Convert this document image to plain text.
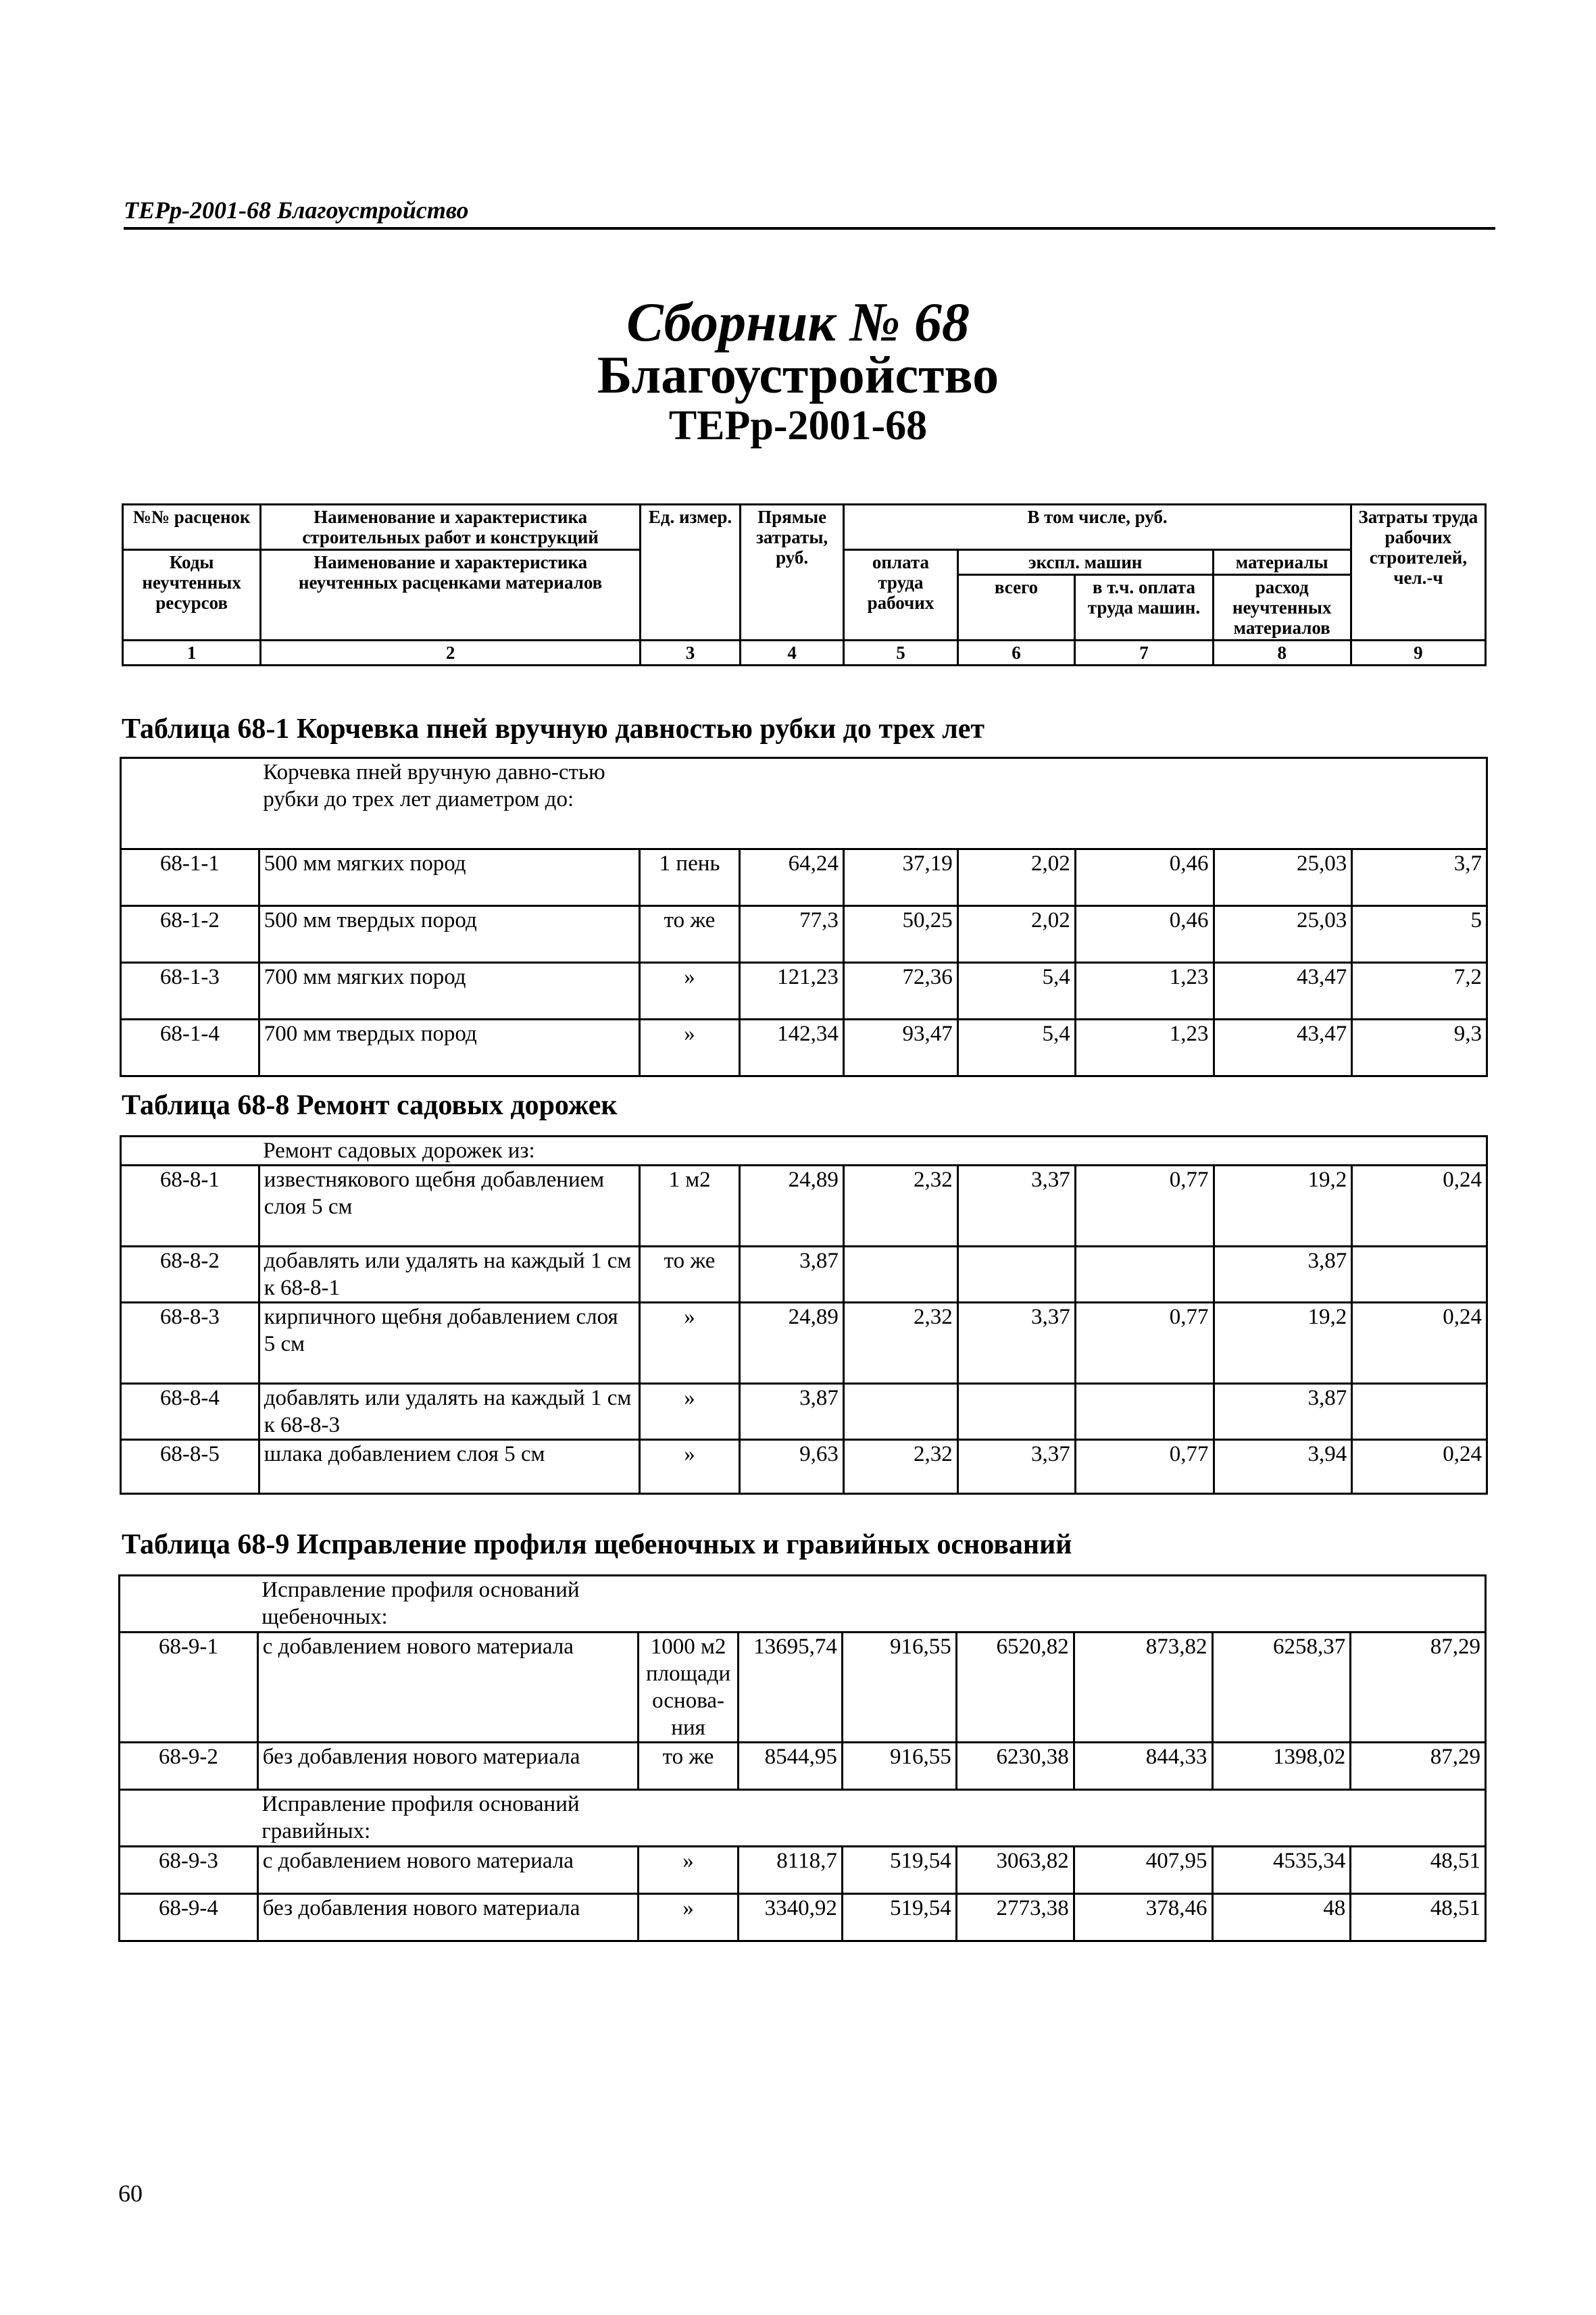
ТЕРр-2001-68 Благоустройство
Сборник № 68
Благоустройство
ТЕРр-2001-68
№№ расценок	Наименование и характеристика строительных работ и конструкций	Ед. измер.	Прямые затраты, руб.	В том числе, руб.				Затраты труда рабочих строителей, чел.-ч
Коды неучтенных ресурсов	Наименование и характеристика неучтенных расценками материалов			оплата труда рабочих	экспл. машин		материалы	
					всего	в т.ч. оплата труда машин.	расход неучтенных материалов	
1	2	3	4	5	6	7	8	9
Таблица 68-1 Корчевка пней вручную давностью рубки до трех лет

	Корчевка пней вручную давно-стью рубки до трех лет диаметром до:							

68-1-1	500 мм мягких пород	1 пень	64,24	37,19	2,02	0,46	25,03	3,7
68-1-2	500 мм твердых пород	то же	77,3	50,25	2,02	0,46	25,03	5
68-1-3	700 мм мягких пород	»	121,23	72,36	5,4	1,23	43,47	7,2
68-1-4	700 мм твердых пород	»	142,34	93,47	5,4	1,23	43,47	9,3
Таблица 68-8 Ремонт садовых дорожек
	Ремонт садовых дорожек из:							
68-8-1	известнякового щебня добавлением слоя 5 см	1 м2	24,89	2,32	3,37	0,77	19,2	0,24
68-8-2	добавлять или удалять на каждый 1 см к 68-8-1	то же	3,87				3,87	
68-8-3	кирпичного щебня добавлением слоя 5 см	»	24,89	2,32	3,37	0,77	19,2	0,24
68-8-4	добавлять или удалять на каждый 1 см к 68-8-3	»	3,87				3,87	
68-8-5	шлака добавлением слоя 5 см	»	9,63	2,32	3,37	0,77	3,94	0,24
Таблица 68-9 Исправление профиля щебеночных и гравийных оснований

	Исправление профиля оснований щебеночных:							

68-9-1	с добавлением нового материала	1000 м2 площади основа-ния	13695,74	916,55	6520,82	873,82	6258,37	87,29
68-9-2	без добавления нового материала	то же	8544,95	916,55	6230,38	844,33	1398,02	87,29

	Исправление профиля оснований гравийных:							

68-9-3	с добавлением нового материала	»	8118,7	519,54	3063,82	407,95	4535,34	48,51
68-9-4	без добавления нового материала	»	3340,92	519,54	2773,38	378,46	48	48,51
60
